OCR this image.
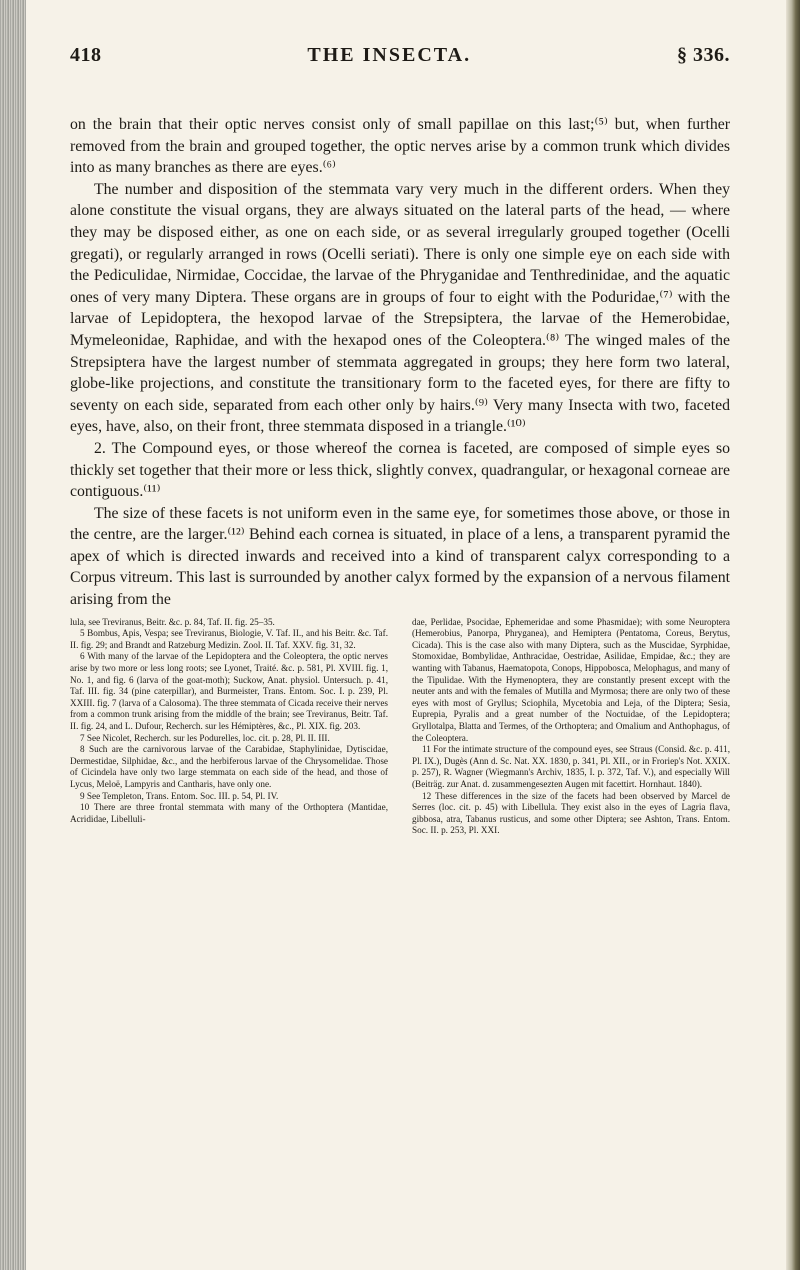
418	THE INSECTA.	§ 336.

on the brain that their optic nerves consist only of small papillae on this last;⁽⁵⁾ but, when further removed from the brain and grouped together, the optic nerves arise by a common trunk which divides into as many branches as there are eyes.⁽⁶⁾

The number and disposition of the stemmata vary very much in the different orders. When they alone constitute the visual organs, they are always situated on the lateral parts of the head, — where they may be disposed either, as one on each side, or as several irregularly grouped together (Ocelli gregati), or regularly arranged in rows (Ocelli seriati). There is only one simple eye on each side with the Pediculidae, Nirmidae, Coccidae, the larvae of the Phryganidae and Tenthredinidae, and the aquatic ones of very many Diptera. These organs are in groups of four to eight with the Poduridae,⁽⁷⁾ with the larvae of Lepidoptera, the hexopod larvae of the Strepsiptera, the larvae of the Hemerobidae, Mymeleonidae, Raphidae, and with the hexapod ones of the Coleoptera.⁽⁸⁾ The winged males of the Strepsiptera have the largest number of stemmata aggregated in groups; they here form two lateral, globe-like projections, and constitute the transitionary form to the faceted eyes, for there are fifty to seventy on each side, separated from each other only by hairs.⁽⁹⁾ Very many Insecta with two, faceted eyes, have, also, on their front, three stemmata disposed in a triangle.⁽¹⁰⁾

2. The Compound eyes, or those whereof the cornea is faceted, are composed of simple eyes so thickly set together that their more or less thick, slightly convex, quadrangular, or hexagonal corneae are contiguous.⁽¹¹⁾

The size of these facets is not uniform even in the same eye, for sometimes those above, or those in the centre, are the larger.⁽¹²⁾ Behind each cornea is situated, in place of a lens, a transparent pyramid the apex of which is directed inwards and received into a kind of transparent calyx corresponding to a Corpus vitreum. This last is surrounded by another calyx formed by the expansion of a nervous filament arising from the

lula, see Treviranus, Beitr. &c. p. 84, Taf. II. fig. 25–35.

5 Bombus, Apis, Vespa; see Treviranus, Biologie, V. Taf. II., and his Beitr. &c. Taf. II. fig. 29; and Brandt and Ratzeburg Medizin. Zool. II. Taf. XXV. fig. 31, 32.

6 With many of the larvae of the Lepidoptera and the Coleoptera, the optic nerves arise by two more or less long roots; see Lyonet, Traité. &c. p. 581, Pl. XVIII. fig. 1, No. 1, and fig. 6 (larva of the goat-moth); Suckow, Anat. physiol. Untersuch. p. 41, Taf. III. fig. 34 (pine caterpillar), and Burmeister, Trans. Entom. Soc. I. p. 239, Pl. XXIII. fig. 7 (larva of a Calosoma). The three stemmata of Cicada receive their nerves from a common trunk arising from the middle of the brain; see Treviranus, Beitr. Taf. II. fig. 24, and L. Dufour, Recherch. sur les Hémiptères, &c., Pl. XIX. fig. 203.

7 See Nicolet, Recherch. sur les Podurelles, loc. cit. p. 28, Pl. II. III.

8 Such are the carnivorous larvae of the Carabidae, Staphylinidae, Dytiscidae, Dermestidae, Silphidae, &c., and the herbiferous larvae of the Chrysomelidae. Those of Cicindela have only two large stemmata on each side of the head, and those of Lycus, Meloë, Lampyris and Cantharis, have only one.

9 See Templeton, Trans. Entom. Soc. III. p. 54, Pl. IV.

10 There are three frontal stemmata with many of the Orthoptera (Mantidae, Acrididae, Libelluli-

dae, Perlidae, Psocidae, Ephemeridae and some Phasmidae); with some Neuroptera (Hemerobius, Panorpa, Phryganea), and Hemiptera (Pentatoma, Coreus, Berytus, Cicada). This is the case also with many Diptera, such as the Muscidae, Syrphidae, Stomoxidae, Bombylidae, Anthracidae, Oestridae, Asilidae, Empidae, &c.; they are wanting with Tabanus, Haematopota, Conops, Hippobosca, Melophagus, and many of the Tipulidae. With the Hymenoptera, they are constantly present except with the neuter ants and with the females of Mutilla and Myrmosa; there are only two of these eyes with most of Gryllus; Sciophila, Mycetobia and Leja, of the Diptera; Sesia, Euprepia, Pyralis and a great number of the Noctuidae, of the Lepidoptera; Gryllotalpa, Blatta and Termes, of the Orthoptera; and Omalium and Anthophagus, of the Coleoptera.

11 For the intimate structure of the compound eyes, see Straus (Consid. &c. p. 411, Pl. IX.), Dugès (Ann d. Sc. Nat. XX. 1830, p. 341, Pl. XII., or in Froriep's Not. XXIX. p. 257), R. Wagner (Wiegmann's Archiv, 1835, I. p. 372, Taf. V.), and especially Will (Beiträg. zur Anat. d. zusammengesezten Augen mit facettirt. Hornhaut. 1840).

12 These differences in the size of the facets had been observed by Marcel de Serres (loc. cit. p. 45) with Libellula. They exist also in the eyes of Lagria flava, gibbosa, atra, Tabanus rusticus, and some other Diptera; see Ashton, Trans. Entom. Soc. II. p. 253, Pl. XXI.
